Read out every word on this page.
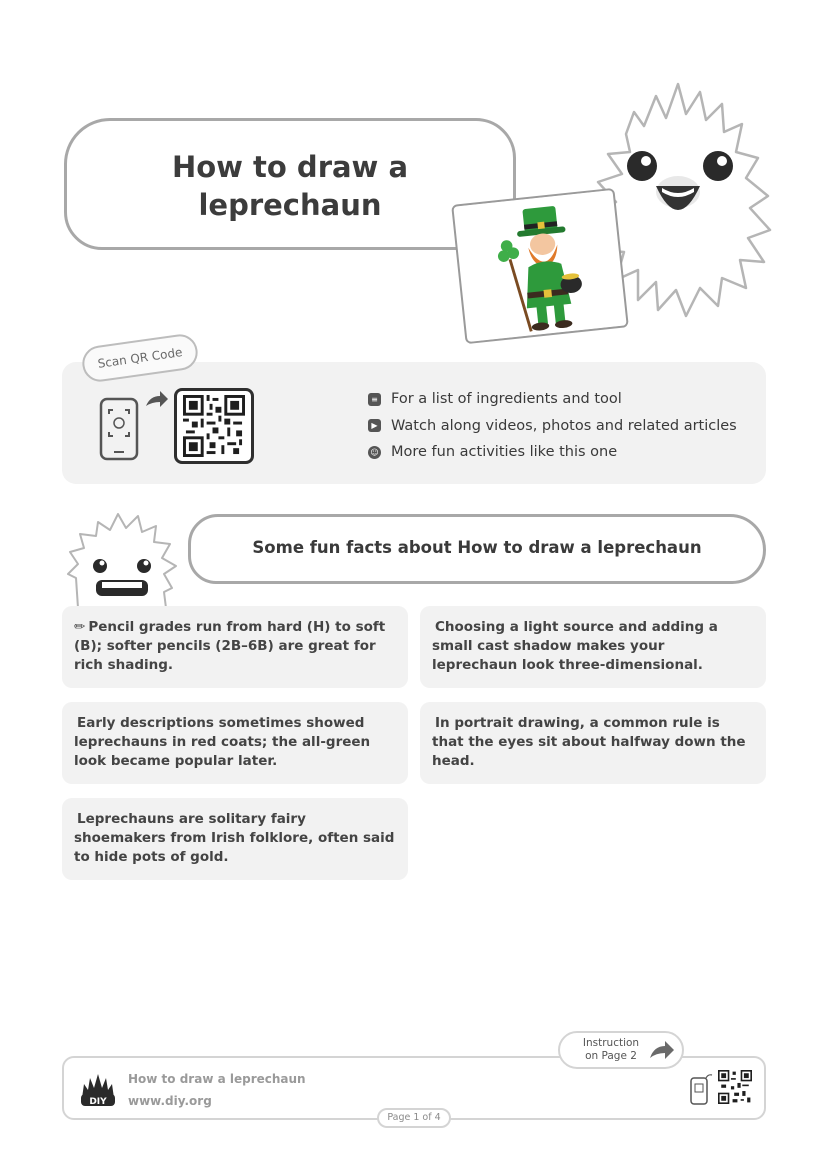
How to draw a
leprechaun
Scan QR Code
≡ For a list of ingredients and tool
▶ Watch along videos, photos and related articles
☺ More fun activities like this one
Some fun facts about How to draw a leprechaun
✏ Pencil grades run from hard (H) to soft (B); softer pencils (2B–6B) are great for rich shading.
Choosing a light source and adding a small cast shadow makes your leprechaun look three-dimensional.
Early descriptions sometimes showed leprechauns in red coats; the all-green look became popular later.
In portrait drawing, a common rule is that the eyes sit about halfway down the head.
Leprechauns are solitary fairy shoemakers from Irish folklore, often said to hide pots of gold.
Instruction
on Page 2
DIY
How to draw a leprechaun
www.diy.org
Page 1 of 4
